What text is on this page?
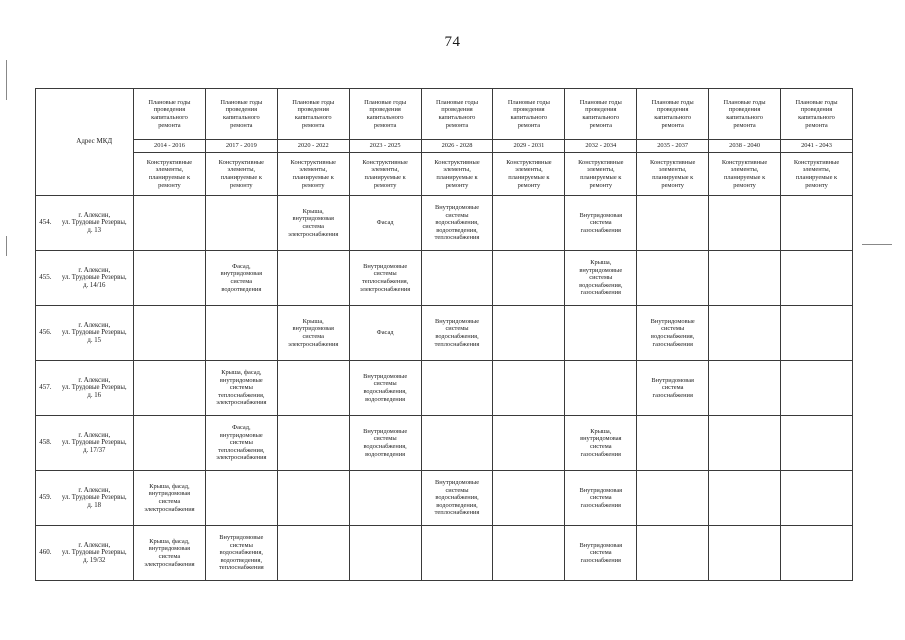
74
	Адрес МКД	Плановые годы
проведения
капитального
ремонта	Плановые годы
проведения
капитального
ремонта	Плановые годы
проведения
капитального
ремонта	Плановые годы
проведения
капитального
ремонта	Плановые годы
проведения
капитального
ремонта	Плановые годы
проведения
капитального
ремонта	Плановые годы
проведения
капитального
ремонта	Плановые годы
проведения
капитального
ремонта	Плановые годы
проведения
капитального
ремонта	Плановые годы
проведения
капитального
ремонта
		2014 - 2016	2017 - 2019	2020 - 2022	2023 - 2025	2026 - 2028	2029 - 2031	2032 - 2034	2035 - 2037	2038 - 2040	2041 - 2043
		Конструктивные
элементы,
планируемые к
ремонту	Конструктивные
элементы,
планируемые к
ремонту	Конструктивные
элементы,
планируемые к
ремонту	Конструктивные
элементы,
планируемые к
ремонту	Конструктивные
элементы,
планируемые к
ремонту	Конструктивные
элементы,
планируемые к
ремонту	Конструктивные
элементы,
планируемые к
ремонту	Конструктивные
элементы,
планируемые к
ремонту	Конструктивные
элементы,
планируемые к
ремонту	Конструктивные
элементы,
планируемые к
ремонту
454.	г. Алексин,
ул. Трудовые Резервы,
д. 13			Крыша,
внутридомовая
система
электроснабжения	Фасад	Внутридомовые
системы
водоснабжения,
водоотведения,
теплоснабжения		Внутридомовая
система
газоснабжения			
455.	г. Алексин,
ул. Трудовые Резервы,
д. 14/16		Фасад,
внутридомовая
система
водоотведения		Внутридомовые
системы
теплоснабжения,
электроснабжения			Крыша,
внутридомовые
системы
водоснабжения,
газоснабжения			
456.	г. Алексин,
ул. Трудовые Резервы,
д. 15			Крыша,
внутридомовая
система
электроснабжения	Фасад	Внутридомовые
системы
водоснабжения,
теплоснабжения			Внутридомовые
системы
водоснабжения,
газоснабжения		
457.	г. Алексин,
ул. Трудовые Резервы,
д. 16		Крыша, фасад,
внутридомовые
системы
теплоснабжения,
электроснабжения		Внутридомовые
системы
водоснабжения,
водоотведения				Внутридомовая
система
газоснабжения		
458.	г. Алексин,
ул. Трудовые Резервы,
д. 17/37		Фасад,
внутридомовые
системы
теплоснабжения,
электроснабжения		Внутридомовые
системы
водоснабжения,
водоотведения			Крыша,
внутридомовая
система
газоснабжения			
459.	г. Алексин,
ул. Трудовые Резервы,
д. 18	Крыша, фасад,
внутридомовая
система
электроснабжения				Внутридомовые
системы
водоснабжения,
водоотведения,
теплоснабжения		Внутридомовая
система
газоснабжения			
460.	г. Алексин,
ул. Трудовые Резервы,
д. 19/32	Крыша, фасад,
внутридомовая
система
электроснабжения	Внутридомовые
системы
водоснабжения,
водоотведения,
теплоснабжения					Внутридомовая
система
газоснабжения			
